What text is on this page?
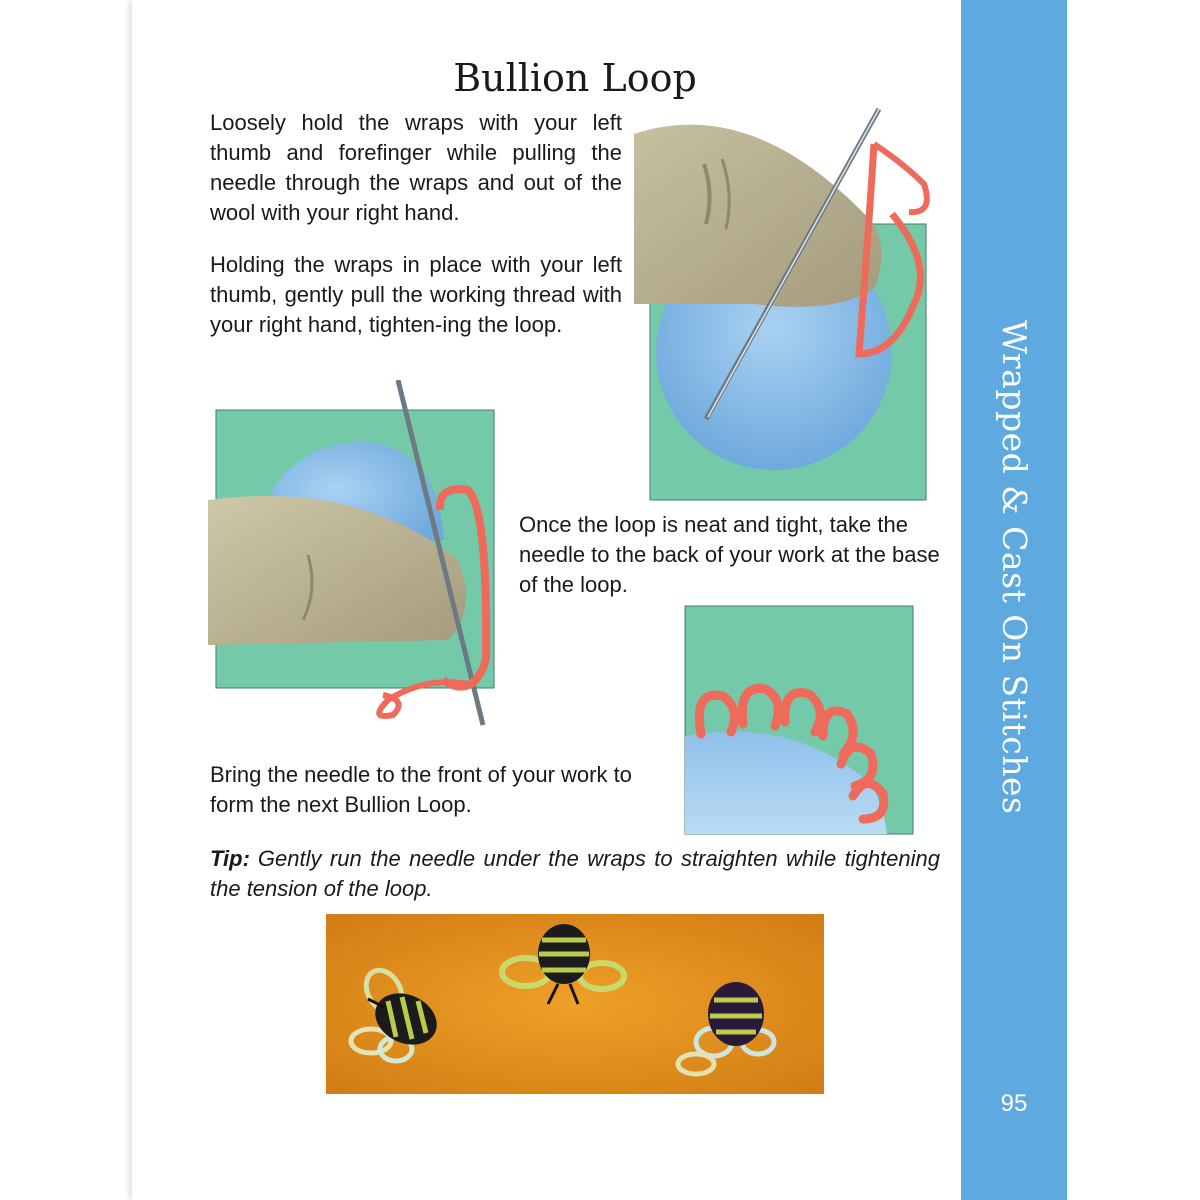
Wrapped & Cast On Stitches
95
Bullion Loop

Loosely hold the wraps with your left thumb and forefinger while pulling the needle through the wraps and out of the wool with your right hand.

Holding the wraps in place with your left thumb, gently pull the working thread with your right hand, tighten-ing the loop.

Once the loop is neat and tight, take the needle to the back of your work at the base of the loop.

Bring the needle to the front of your work to form the next Bullion Loop.

Tip: Gently run the needle under the wraps to straighten while tightening the tension of the loop.
